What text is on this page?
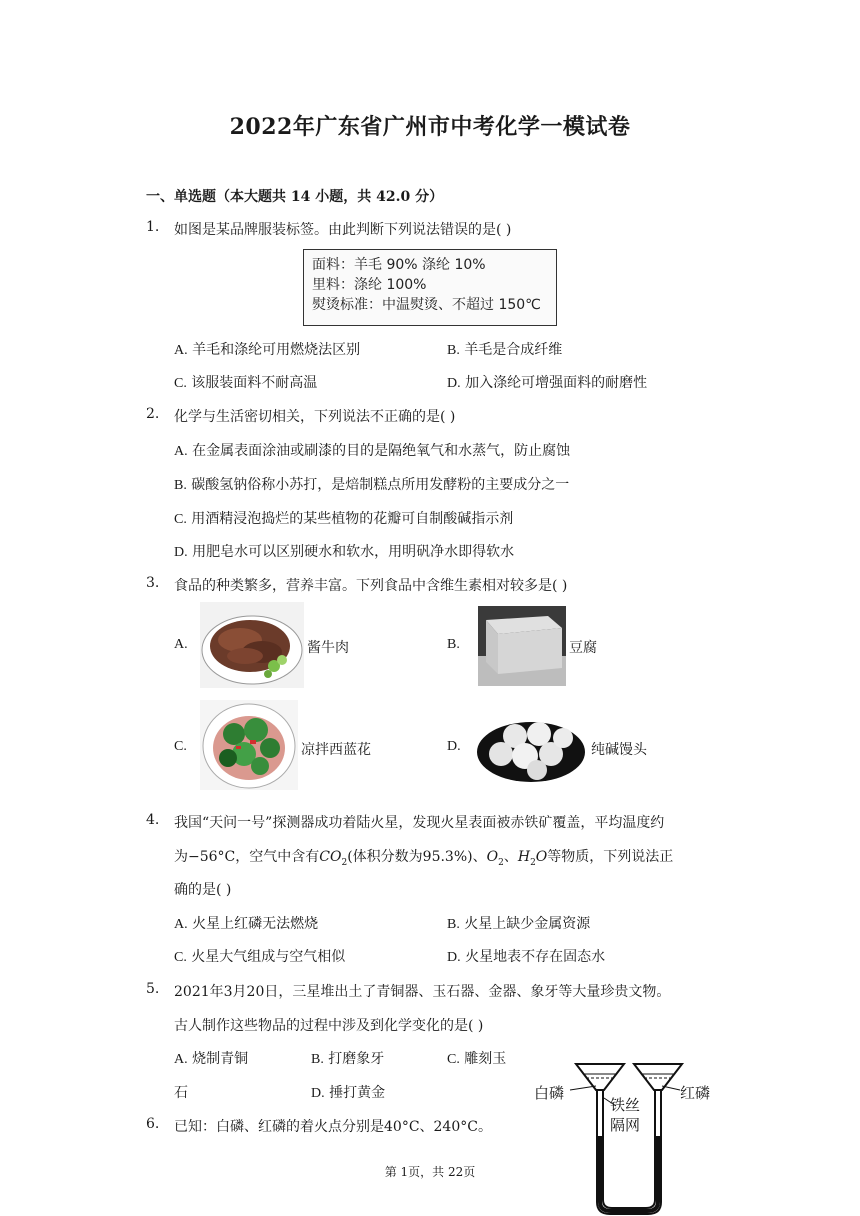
2022年广东省广州市中考化学一模试卷
一、单选题（本大题共 14 小题，共 42.0 分）
1.	如图是某品牌服装标签。由此判断下列说法错误的是( )
面料：羊毛 90% 涤纶 10%
里料：涤纶 100%
熨烫标准：中温熨烫、不超过 150℃
A. 羊毛和涤纶可用燃烧法区别	B. 羊毛是合成纤维
C. 该服装面料不耐高温	D. 加入涤纶可增强面料的耐磨性
2.	化学与生活密切相关，下列说法不正确的是( )
A. 在金属表面涂油或刷漆的目的是隔绝氧气和水蒸气，防止腐蚀
B. 碳酸氢钠俗称小苏打，是焙制糕点所用发酵粉的主要成分之一
C. 用酒精浸泡捣烂的某些植物的花瓣可自制酸碱指示剂
D. 用肥皂水可以区别硬水和软水，用明矾净水即得软水
3.	食品的种类繁多，营养丰富。下列食品中含维生素相对较多是( )
A.	酱牛肉	B.	豆腐
C.	凉拌西蓝花	D.	纯碱馒头
4.	我国“天问一号”探测器成功着陆火星，发现火星表面被赤铁矿覆盖，平均温度约
为−56°C，空气中含有$CO_2$(体积分数为95.3%)、$O_2$、$H_2O$等物质，下列说法正
确的是( )
A. 火星上红磷无法燃烧	B. 火星上缺少金属资源
C. 火星大气组成与空气相似	D. 火星地表不存在固态水
5.	2021年3月20日，三星堆出土了青铜器、玉石器、金器、象牙等大量珍贵文物。
古人制作这些物品的过程中涉及到化学变化的是( )
A. 烧制青铜	B. 打磨象牙	C. 雕刻玉
石	D. 捶打黄金
6.	已知：白磷、红磷的着火点分别是40°C、240°C。
白磷	红磷
铁丝
隔网
第 1页，共 22页
